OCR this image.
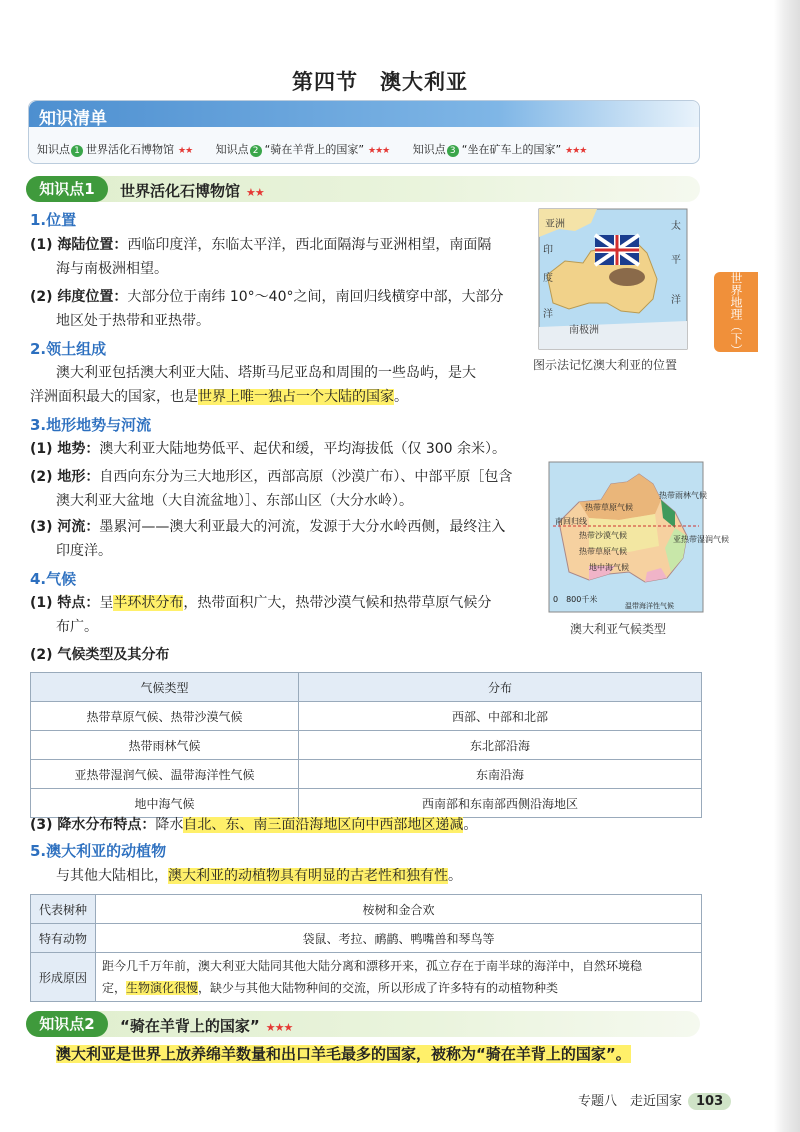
第四节　澳大利亚
知识清单
知识点 1 世界活化石博物馆 ★★ 知识点 2 “骑在羊背上的国家” ★★★ 知识点 3 “坐在矿车上的国家” ★★★
世界地理（下）
知识点1	世界活化石博物馆 ★★
1.位置
(1) 海陆位置：西临印度洋，东临太平洋，西北面隔海与亚洲相望，南面隔
海与南极洲相望。
(2) 纬度位置：大部分位于南纬 10°～40°之间，南回归线横穿中部，大部分
地区处于热带和亚热带。
亚洲	太
印
平
度
洋
洋
南极洲
图示法记忆澳大利亚的位置
2.领土组成
澳大利亚包括澳大利亚大陆、塔斯马尼亚岛和周围的一些岛屿，是大
洋洲面积最大的国家，也是世界上唯一独占一个大陆的国家。
3.地形地势与河流
(1) 地势：澳大利亚大陆地势低平、起伏和缓，平均海拔低（仅 300 余米）。
(2) 地形：自西向东分为三大地形区，西部高原（沙漠广布）、中部平原［包含
澳大利亚大盆地（大自流盆地）］、东部山区（大分水岭）。
(3) 河流：墨累河——澳大利亚最大的河流，发源于大分水岭西侧，最终注入
印度洋。
热带雨林气候
热带草原气候
亚热带湿润气候
南回归线
热带沙漠气候
热带草原气候
地中海气候
温带海洋性气候
0　800千米
澳大利亚气候类型
4.气候
(1) 特点：呈半环状分布，热带面积广大，热带沙漠气候和热带草原气候分
布广。
(2) 气候类型及其分布
气候类型	分布
热带草原气候、热带沙漠气候	西部、中部和北部
热带雨林气候	东北部沿海
亚热带湿润气候、温带海洋性气候	东南沿海
地中海气候	西南部和东南部西侧沿海地区
(3) 降水分布特点：降水自北、东、南三面沿海地区向中西部地区递减。
5.澳大利亚的动植物
与其他大陆相比，澳大利亚的动植物具有明显的古老性和独有性。
代表树种	桉树和金合欢
特有动物	袋鼠、考拉、鸸鹋、鸭嘴兽和琴鸟等
形成原因	距今几千万年前，澳大利亚大陆同其他大陆分离和漂移开来，孤立存在于南半球的海洋中，自然环境稳
定，生物演化很慢，缺少与其他大陆物种间的交流，所以形成了许多特有的动植物种类
知识点2	“骑在羊背上的国家” ★★★
澳大利亚是世界上放养绵羊数量和出口羊毛最多的国家，被称为“骑在羊背上的国家”。
专题八　走近国家 103
